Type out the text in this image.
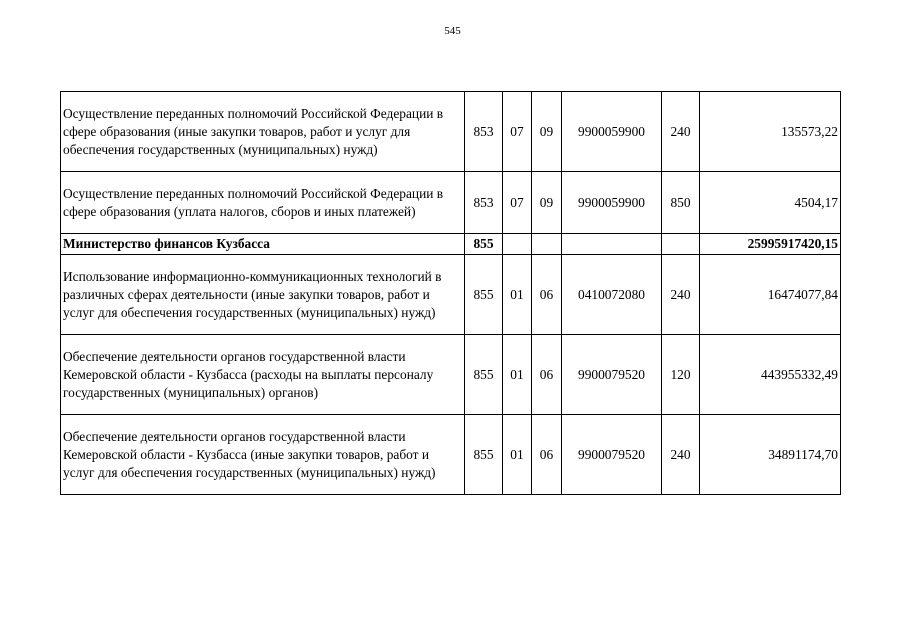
545
Осуществление переданных полномочий Российской Федерации в сфере образования (иные закупки товаров, работ и услуг для обеспечения государственных (муниципальных) нужд)	853	07	09	9900059900	240	135573,22
Осуществление переданных полномочий Российской Федерации в сфере образования (уплата налогов, сборов и иных платежей)	853	07	09	9900059900	850	4504,17
Министерство финансов Кузбасса	855					25995917420,15
Использование информационно-коммуникационных технологий в различных сферах деятельности (иные закупки товаров, работ и услуг для обеспечения государственных (муниципальных) нужд)	855	01	06	0410072080	240	16474077,84
Обеспечение деятельности органов государственной власти Кемеровской области - Кузбасса (расходы на выплаты персоналу государственных (муниципальных) органов)	855	01	06	9900079520	120	443955332,49
Обеспечение деятельности органов государственной власти Кемеровской области - Кузбасса (иные закупки товаров, работ и услуг для обеспечения государственных (муниципальных) нужд)	855	01	06	9900079520	240	34891174,70
